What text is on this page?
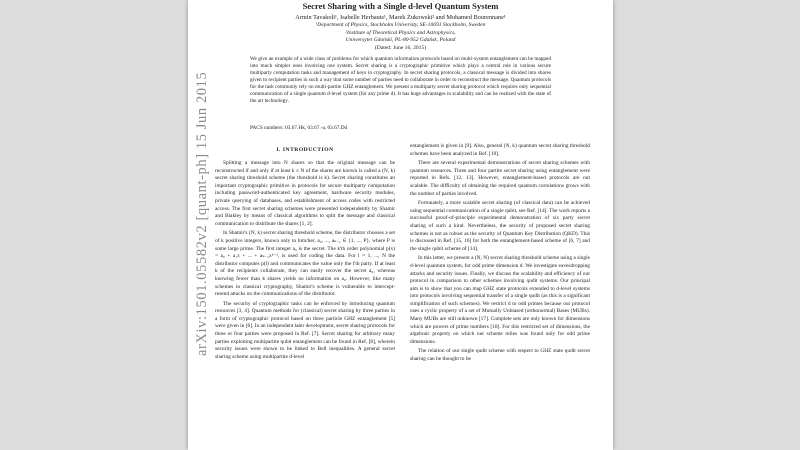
Secret Sharing with a Single d-level Quantum System
Armin Tavakoli¹, Isabelle Herbauts¹, Marek Żukowski² and Mohamed Bourennane¹
¹Department of Physics, Stockholm University, SE-10691 Stockholm, Sweden
²Institute of Theoretical Physics and Astrophysics,
Uniwersytet Gdański, PL-80-952 Gdańsk, Poland
(Dated: June 16, 2015)

We give an example of a wide class of problems for which quantum information protocols based on multi-system entanglement can be mapped into much simpler ones involving one system. Secret sharing is a cryptographic primitive which plays a central role in various secure multiparty computation tasks and management of keys in cryptography. In secret sharing protocols, a classical message is divided into shares given to recipient parties in such a way that some number of parties need to collaborate in order to reconstruct the message. Quantum protocols for the task commonly rely on multi-partite GHZ entanglement. We present a multiparty secret sharing protocol which requires only sequential communication of a single quantum d-level system (for any prime d). It has huge advantages in scalability and can be realized with the state of the art technology.

PACS numbers: 03.67.Hk, 03.67.-a, 03.67.Dd
I. INTRODUCTION

Splitting a message into N shares so that the original message can be reconstructed if and only if at least k ≤ N of the shares are known is called a (N, k) secret sharing threshold scheme (the threshold is k). Secret sharing constitutes an important cryptographic primitive in protocols for secure multiparty computation including password-authenticated key agreement, hardware security modules, private querying of databases, and establishment of access codes with restricted access. The first secret sharing schemes were presented independently by Shamir and Blakley by means of classical algorithms to split the message and classical communication to distribute the shares [1, 2].

In Shamir's (N, k) secret sharing threshold scheme, the distributor chooses a set of k positive integers, known only to him/her, a₀, ..., aₖ₋₁ ∈ {1, ..., P}, where P is some large prime. The first integer a₀ is the secret. The k'th order polynomial p(x) = a₀ + a₁x + ... + aₖ₋₁xᵏ⁻¹, is used for coding the data. For l = 1, ..., N the distributor computes p(l) and communicates the value only the l'th party. If at least k of the recipients collaborate, they can easily recover the secret a₀, whereas knowing fewer than k shares yields no information on a₀. However, like many schemes in classical cryptography, Shamir's scheme is vulnerable to intercept-resend attacks on the communications of the distributor.

The security of cryptographic tasks can be enforced by introducing quantum resources [3, 4]. Quantum methods for (classical) secret sharing by three parties in a form of cryptographic protocol based on three particle GHZ entanglement [5] were given in [6]. In an independent later development, secret sharing protocols for three or four parties were proposed in Ref. [7]. Secret sharing for arbitrary many parties exploiting multipartite qubit entanglement can be found in Ref. [8], wherein security issues were shown to be linked to Bell inequalities. A general secret sharing scheme using multipartite d-level

entanglement is given in [9]. Also, general (N, k) quantum secret sharing threshold schemes have been analyzed in Ref. [10].

There are several experimental demonstrations of secret sharing schemes with quantum resources. Three and four partite secret sharing using entanglement were reported in Refs. [12, 13]. However, entanglement-based protocols are not scalable. The difficulty of obtaining the required quantum correlations grows with the number of parties involved.

Fortunately, a more scalable secret sharing (of classical data) can be achieved using sequential communication of a single qubit, see Ref. [14]. The work reports a successful proof-of-principle experimental demonstration of six party secret sharing of such a kind. Nevertheless, the security of proposed secret sharing schemes is not as robust as the security of Quantum Key Distribution (QKD). This is discussed in Ref. [15, 16] for both the entanglement-based scheme of [6, 7] and the single qubit scheme of [14].

In this letter, we present a (N, N) secret sharing threshold scheme using a single d-level quantum system, for odd prime dimension d. We investigate eavesdropping attacks and security issues. Finally, we discuss the scalability and efficiency of our protocol in comparison to other schemes involving qudit systems. Our principal aim is to show that you can map GHZ state protocols extended to d-level systems into protocols involving sequential transfer of a single qudit (as this is a significant simplification of such schemes). We restrict d to odd primes because our protocol uses a cyclic property of a set of Mutually Unbiased (orthonormal) Bases (MUBs). Many MUBs are still unknown [17]. Complete sets are only known for dimensions which are powers of prime numbers [18]. For this restricted set of dimensions, the algebraic property on which our scheme relies was found only for odd prime dimensions.

The relation of our single qudit scheme with respect to GHZ state qudit secret sharing can be thought to be

arXiv:1501.05582v2 [quant-ph] 15 Jun 2015
